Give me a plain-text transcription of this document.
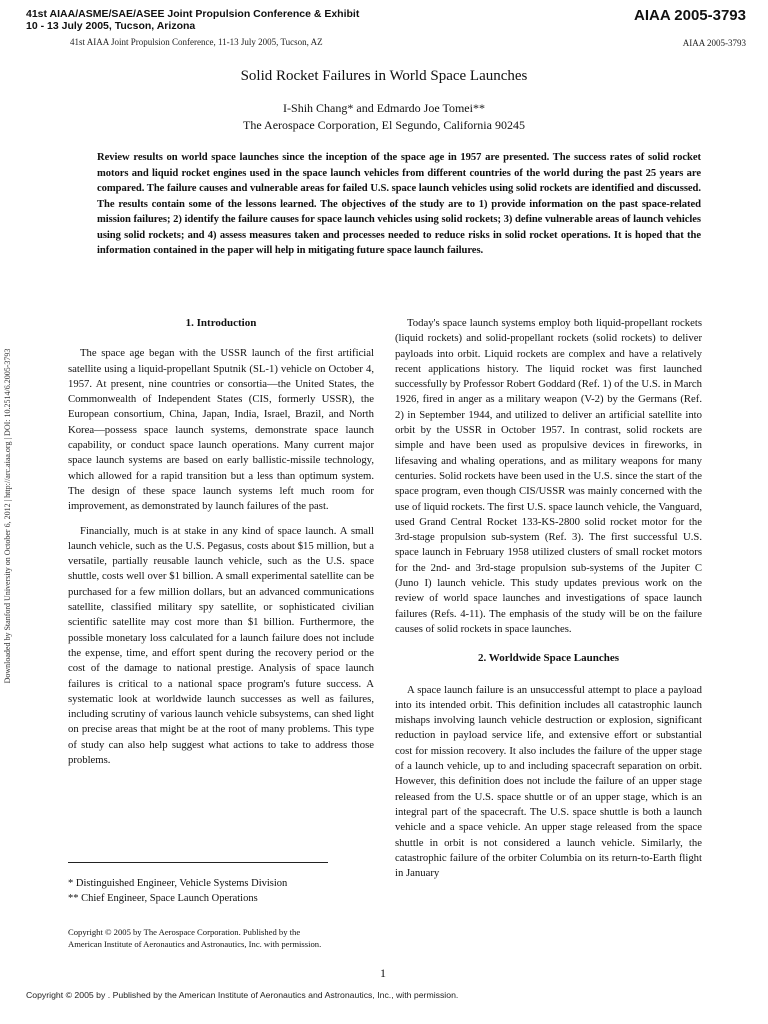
41st AIAA/ASME/SAE/ASEE Joint Propulsion Conference & Exhibit
10 - 13 July 2005, Tucson, Arizona
AIAA 2005-3793
41st AIAA Joint Propulsion Conference, 11-13 July 2005, Tucson, AZ	AIAA 2005-3793
Solid Rocket Failures in World Space Launches
I-Shih Chang* and Edmardo Joe Tomei**
The Aerospace Corporation, El Segundo, California 90245
Review results on world space launches since the inception of the space age in 1957 are presented. The success rates of solid rocket motors and liquid rocket engines used in the space launch vehicles from different countries of the world during the past 25 years are compared. The failure causes and vulnerable areas for failed U.S. space launch vehicles using solid rockets are identified and discussed. The results contain some of the lessons learned. The objectives of the study are to 1) provide information on the past space-related mission failures; 2) identify the failure causes for space launch vehicles using solid rockets; 3) define vulnerable areas of launch vehicles using solid rockets; and 4) assess measures taken and processes needed to reduce risks in solid rocket operations. It is hoped that the information contained in the paper will help in mitigating future space launch failures.
Downloaded by Stanford University on October 6, 2012 | http://arc.aiaa.org | DOI: 10.2514/6.2005-3793
1. Introduction

The space age began with the USSR launch of the first artificial satellite using a liquid-propellant Sputnik (SL-1) vehicle on October 4, 1957. At present, nine countries or consortia—the United States, the Commonwealth of Independent States (CIS, formerly USSR), the European consortium, China, Japan, India, Israel, Brazil, and North Korea—possess space launch systems, demonstrate space launch capability, or conduct space launch operations. Many current major space launch systems are based on early ballistic-missile technology, which allowed for a rapid transition but a less than optimum system. The design of these space launch systems left much room for improvement, as demonstrated by launch failures of the past.

Financially, much is at stake in any kind of space launch. A small launch vehicle, such as the U.S. Pegasus, costs about $15 million, but a versatile, partially reusable launch vehicle, such as the U.S. space shuttle, costs well over $1 billion. A small experimental satellite can be purchased for a few million dollars, but an advanced communications satellite, classified military spy satellite, or sophisticated civilian scientific satellite may cost more than $1 billion. Furthermore, the possible monetary loss calculated for a launch failure does not include the expense, time, and effort spent during the recovery period or the cost of the damage to national prestige. Analysis of space launch failures is critical to a national space program's future success. A systematic look at worldwide launch successes as well as failures, including scrutiny of various launch vehicle subsystems, can shed light on precise areas that might be at the root of many problems. This type of study can also help suggest what actions to take to address those problems.

Today's space launch systems employ both liquid-propellant rockets (liquid rockets) and solid-propellant rockets (solid rockets) to deliver payloads into orbit. Liquid rockets are complex and have a relatively recent applications history. The liquid rocket was first launched successfully by Professor Robert Goddard (Ref. 1) of the U.S. in March 1926, fired in anger as a military weapon (V-2) by the Germans (Ref. 2) in September 1944, and utilized to deliver an artificial satellite into orbit by the USSR in October 1957. In contrast, solid rockets are simple and have been used as propulsive devices in fireworks, in lifesaving and whaling operations, and as military weapons for many centuries. Solid rockets have been used in the U.S. since the start of the space program, even though CIS/USSR was mainly concerned with the use of liquid rockets. The first U.S. space launch vehicle, the Vanguard, used Grand Central Rocket 133-KS-2800 solid rocket motor for the 3rd-stage propulsion sub-system (Ref. 3). The first successful U.S. space launch in February 1958 utilized clusters of small rocket motors for the 2nd- and 3rd-stage propulsion sub-systems of the Jupiter C (Juno I) launch vehicle. This study updates previous work on the review of world space launches and investigations of space launch failures (Refs. 4-11). The emphasis of the study will be on the failure causes of solid rockets in space launches.

2. Worldwide Space Launches

A space launch failure is an unsuccessful attempt to place a payload into its intended orbit. This definition includes all catastrophic launch mishaps involving launch vehicle destruction or explosion, significant reduction in payload service life, and extensive effort or substantial cost for mission recovery. It also includes the failure of the upper stage of a launch vehicle, up to and including spacecraft separation on orbit. However, this definition does not include the failure of an upper stage released from the U.S. space shuttle or of an upper stage, which is an integral part of the spacecraft. The U.S. space shuttle is both a launch vehicle and a space vehicle. An upper stage released from the space shuttle in orbit is not considered a launch vehicle. Similarly, the catastrophic failure of the orbiter Columbia on its return-to-Earth flight in January

* Distinguished Engineer, Vehicle Systems Division
** Chief Engineer, Space Launch Operations
Copyright © 2005 by The Aerospace Corporation. Published by the
American Institute of Aeronautics and Astronautics, Inc. with permission.
1
Copyright © 2005 by . Published by the American Institute of Aeronautics and Astronautics, Inc., with permission.
